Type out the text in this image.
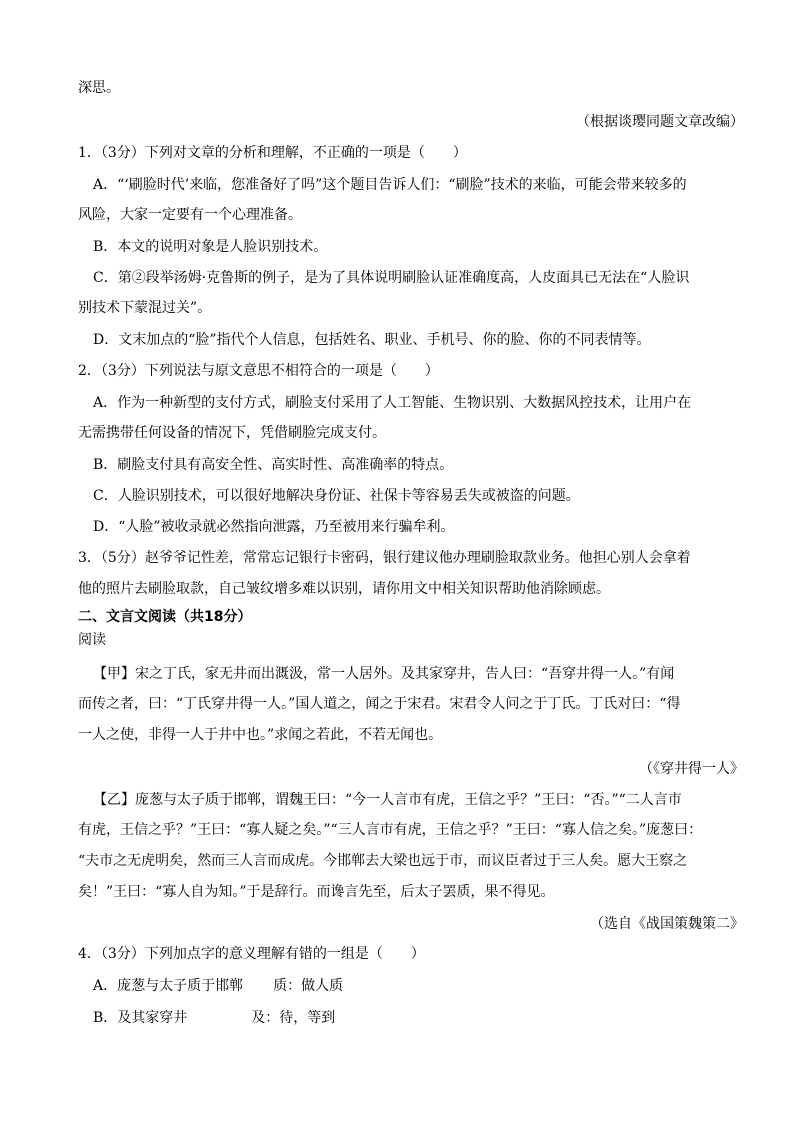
深思。
（根据谈璎同题文章改编）
1．（3分）下列对文章的分析和理解，不正确的一项是（　　）
A．“‘刷脸时代’来临，您准备好了吗”这个题目告诉人们：“刷脸”技术的来临，可能会带来较多的
风险，大家一定要有一个心理准备。
B．本文的说明对象是人脸识别技术。
C．第②段举汤姆·克鲁斯的例子，是为了具体说明刷脸认证准确度高，人皮面具已无法在“人脸识
别技术下蒙混过关”。
D．文末加点的“脸”指代个人信息，包括姓名、职业、手机号、你的脸、你的不同表情等。
2．（3分）下列说法与原文意思不相符合的一项是（　　）
A．作为一种新型的支付方式，刷脸支付采用了人工智能、生物识别、大数据风控技术，让用户在
无需携带任何设备的情况下，凭借刷脸完成支付。
B．刷脸支付具有高安全性、高实时性、高准确率的特点。
C．人脸识别技术，可以很好地解决身份证、社保卡等容易丢失或被盗的问题。
D．“人脸”被收录就必然指向泄露，乃至被用来行骗牟利。
3．（5分）赵爷爷记性差，常常忘记银行卡密码，银行建议他办理刷脸取款业务。他担心别人会拿着
他的照片去刷脸取款，自己皱纹增多难以识别，请你用文中相关知识帮助他消除顾虑。
二、文言文阅读（共18分）
阅读
【甲】宋之丁氏，家无井而出溉汲，常一人居外。及其家穿井，告人曰：“吾穿井得一人。”有闻
而传之者，曰：“丁氏穿井得一人。”国人道之，闻之于宋君。宋君令人问之于丁氏。丁氏对曰：“得
一人之使，非得一人于井中也。”求闻之若此，不若无闻也。
（《穿井得一人》
【乙】庞葱与太子质于邯郸，谓魏王曰：“今一人言市有虎，王信之乎？”王曰：“否。”“二人言市
有虎，王信之乎？”王曰：“寡人疑之矣。”“三人言市有虎，王信之乎？”王曰：“寡人信之矣。”庞葱曰：
“夫市之无虎明矣，然而三人言而成虎。今邯郸去大梁也远于市，而议臣者过于三人矣。愿大王察之
矣！”王曰：“寡人自为知。”于是辞行。而谗言先至，后太子罢质，果不得见。
（选自《战国策魏策二》
4．（3分）下列加点字的意义理解有错的一组是（　　）
A．庞葱与太子质于邯郸 质：做人质
B．及其家穿井	及：待，等到
